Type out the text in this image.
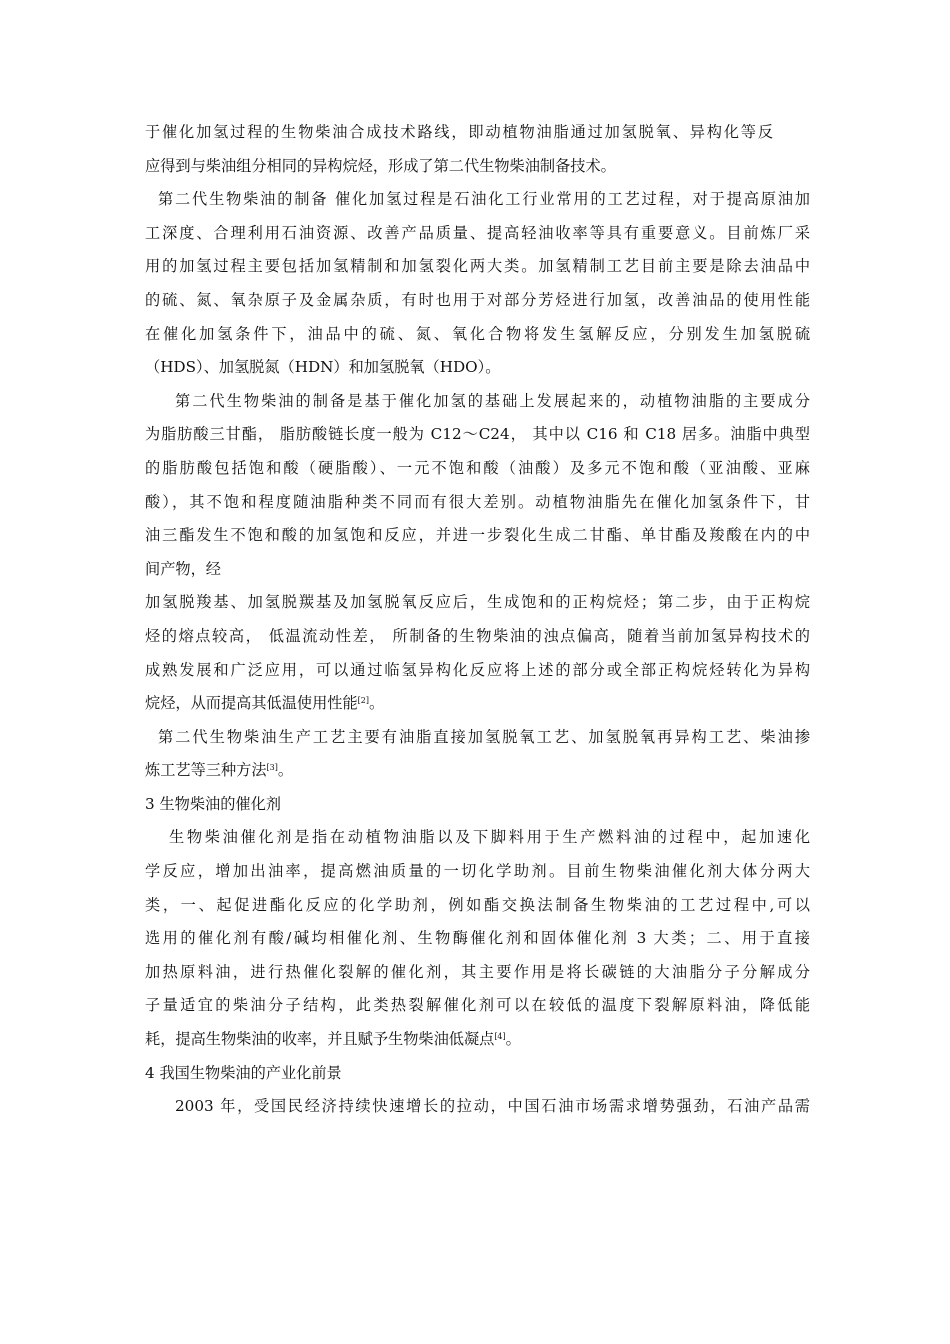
于催化加氢过程的生物柴油合成技术路线，即动植物油脂通过加氢脱氧、异构化等反
应得到与柴油组分相同的异构烷烃，形成了第二代生物柴油制备技术。
第二代生物柴油的制备 催化加氢过程是石油化工行业常用的工艺过程，对于提高原油加
工深度、合理利用石油资源、改善产品质量、提高轻油收率等具有重要意义。目前炼厂采
用的加氢过程主要包括加氢精制和加氢裂化两大类。加氢精制工艺目前主要是除去油品中
的硫、氮、氧杂原子及金属杂质，有时也用于对部分芳烃进行加氢，改善油品的使用性能
在催化加氢条件下，油品中的硫、氮、氧化合物将发生氢解反应，分别发生加氢脱硫
（HDS）、加氢脱氮（HDN）和加氢脱氧（HDO）。
第二代生物柴油的制备是基于催化加氢的基础上发展起来的，动植物油脂的主要成分
为脂肪酸三甘酯， 脂肪酸链长度一般为 C12～C24， 其中以 C16 和 C18 居多。油脂中典型
的脂肪酸包括饱和酸（硬脂酸）、一元不饱和酸（油酸）及多元不饱和酸（亚油酸、亚麻
酸），其不饱和程度随油脂种类不同而有很大差别。动植物油脂先在催化加氢条件下，甘
油三酯发生不饱和酸的加氢饱和反应，并进一步裂化生成二甘酯、单甘酯及羧酸在内的中
间产物，经
加氢脱羧基、加氢脱羰基及加氢脱氧反应后，生成饱和的正构烷烃；第二步，由于正构烷
烃的熔点较高， 低温流动性差， 所制备的生物柴油的浊点偏高，随着当前加氢异构技术的
成熟发展和广泛应用，可以通过临氢异构化反应将上述的部分或全部正构烷烃转化为异构
烷烃，从而提高其低温使用性能[2]。
第二代生物柴油生产工艺主要有油脂直接加氢脱氧工艺、加氢脱氧再异构工艺、柴油掺
炼工艺等三种方法[3]。
3 生物柴油的催化剂
生物柴油催化剂是指在动植物油脂以及下脚料用于生产燃料油的过程中，起加速化
学反应，增加出油率，提高燃油质量的一切化学助剂。目前生物柴油催化剂大体分两大
类，一、起促进酯化反应的化学助剂，例如酯交换法制备生物柴油的工艺过程中,可以
选用的催化剂有酸/碱均相催化剂、生物酶催化剂和固体催化剂 3 大类；二、用于直接
加热原料油，进行热催化裂解的催化剂，其主要作用是将长碳链的大油脂分子分解成分
子量适宜的柴油分子结构，此类热裂解催化剂可以在较低的温度下裂解原料油，降低能
耗，提高生物柴油的收率，并且赋予生物柴油低凝点[4]。
4 我国生物柴油的产业化前景
2003 年，受国民经济持续快速增长的拉动，中国石油市场需求增势强劲，石油产品需
